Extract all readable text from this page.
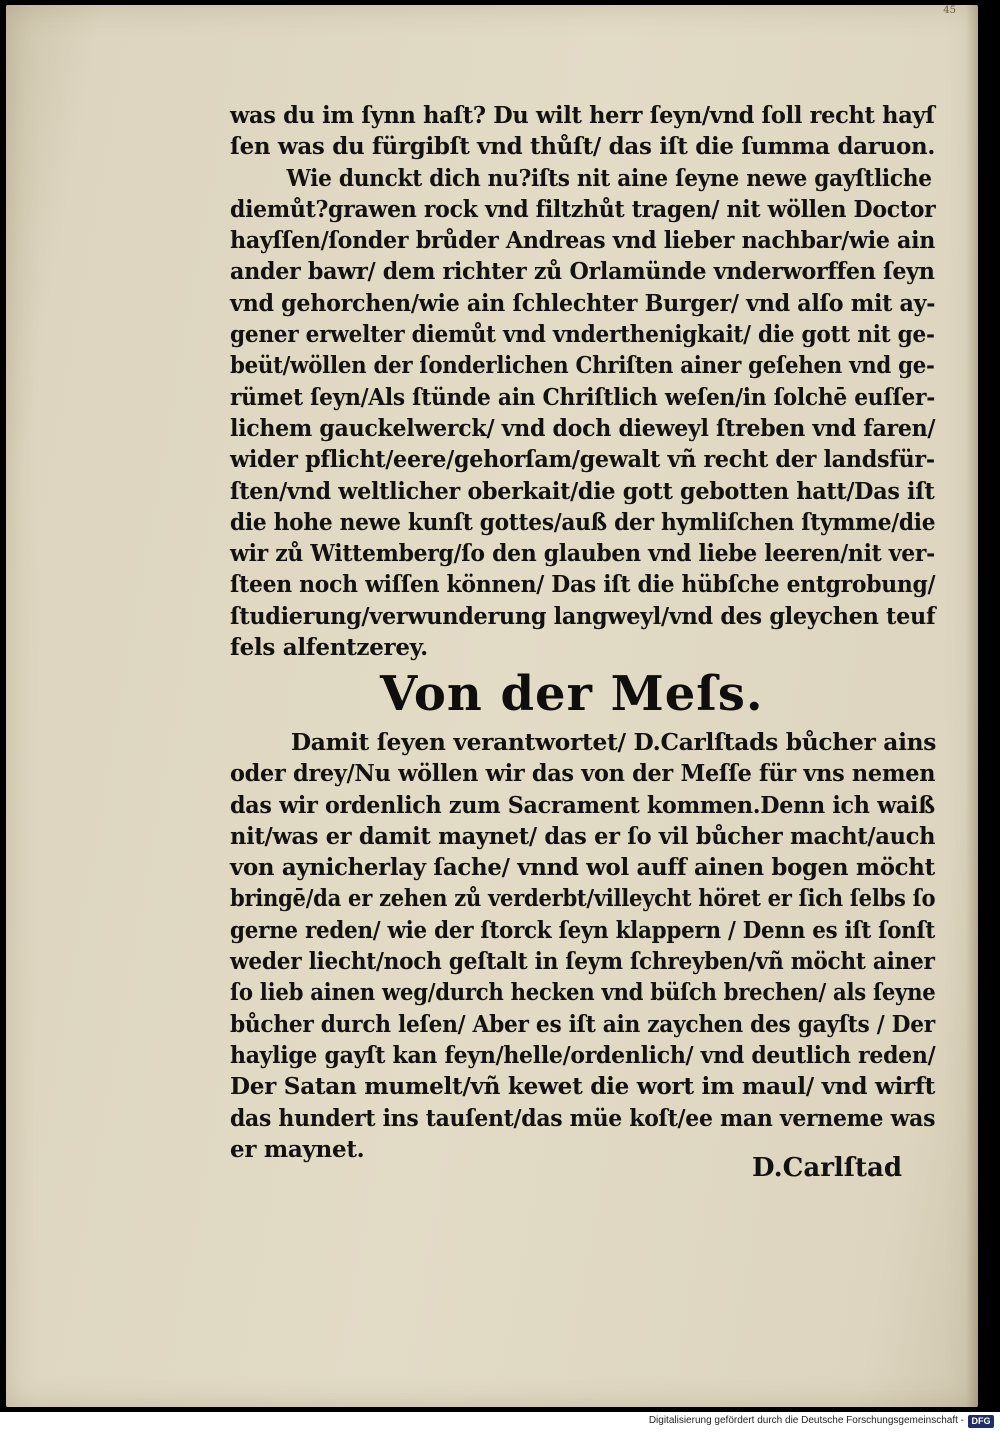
45
was du im ſynn haſt? Du wilt herr ſeyn/vnd ſoll recht hayſ
ſen was du fürgibſt vnd thůſt/ das iſt die ſumma daruon.
Wie dunckt dich nu?iſts nit aine ſeyne newe gayſtliche
diemůt?grawen rock vnd filtzhůt tragen/ nit wöllen Doctor
hayſſen/ſonder brůder Andreas vnd lieber nachbar/wie ain
ander bawr/ dem richter zů Orlamünde vnderworffen ſeyn
vnd gehorchen/wie ain ſchlechter Burger/ vnd alſo mit ay-
gener erwelter diemůt vnd vnderthenigkait/ die gott nit ge-
beüt/wöllen der ſonderlichen Chriſten ainer geſehen vnd ge-
rümet ſeyn/Als ſtünde ain Chriſtlich weſen/in ſolchē euſſer-
lichem gauckelwerck/ vnd doch dieweyl ſtreben vnd faren/
wider pflicht/eere/gehorſam/gewalt vñ recht der landsfür-
ſten/vnd weltlicher oberkait/die gott gebotten hatt/Das iſt
die hohe newe kunſt gottes/auß der hymliſchen ſtymme/die
wir zů Wittemberg/ſo den glauben vnd liebe leeren/nit ver-
ſteen noch wiſſen können/ Das iſt die hübſche entgrobung/
ſtudierung/verwunderung langweyl/vnd des gleychen teuf
fels alfentzerey.
Von der Meſs.
Damit ſeyen verantwortet/ D.Carlſtads bůcher ains
oder drey/Nu wöllen wir das von der Meſſe für vns nemen
das wir ordenlich zum Sacrament kommen.Denn ich waiß
nit/was er damit maynet/ das er ſo vil bůcher macht/auch
von aynicherlay ſache/ vnnd wol auff ainen bogen möcht
bringē/da er zehen zů verderbt/villeycht höret er ſich ſelbs ſo
gerne reden/ wie der ſtorck ſeyn klappern / Denn es iſt ſonſt
weder liecht/noch geſtalt in ſeym ſchreyben/vñ möcht ainer
ſo lieb ainen weg/durch hecken vnd büſch brechen/ als ſeyne
bůcher durch leſen/ Aber es iſt ain zaychen des gayſts / Der
haylige gayſt kan feyn/helle/ordenlich/ vnd deutlich reden/
Der Satan mumelt/vñ kewet die wort im maul/ vnd wirft
das hundert ins tauſent/das müe koſt/ee man verneme was
er maynet.
D.Carlſtad
Digitalisierung gefördert durch die Deutsche Forschungsgemeinschaft - DFG
